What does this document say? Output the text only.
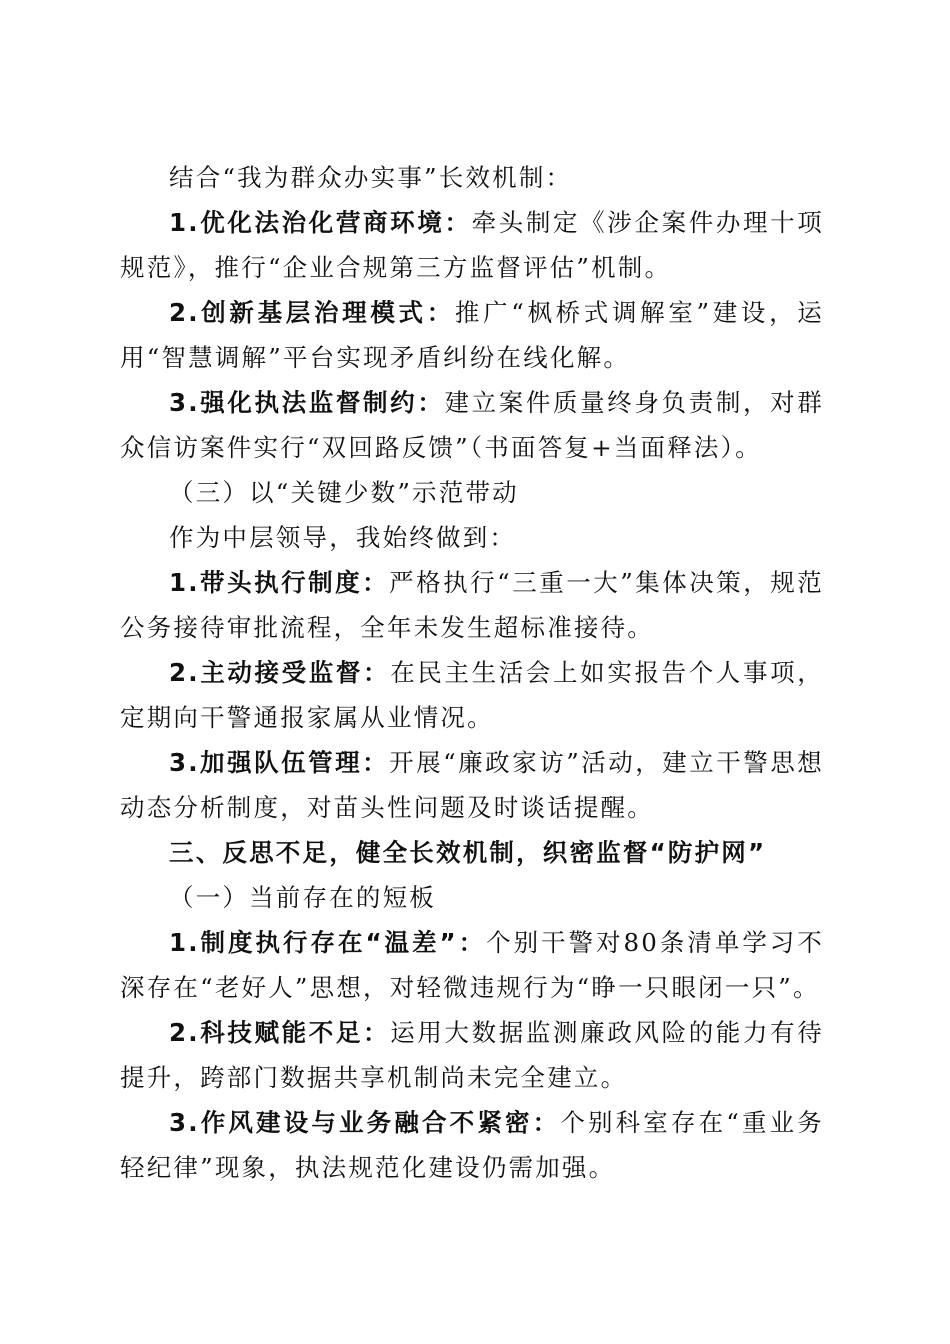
结合“我为群众办实事”长效机制：

1.优化法治化营商环境：牵头制定《涉企案件办理十项规范》，推行“企业合规第三方监督评估”机制。

2.创新基层治理模式：推广“枫桥式调解室”建设，运用“智慧调解”平台实现矛盾纠纷在线化解。

3.强化执法监督制约：建立案件质量终身负责制，对群众信访案件实行“双回路反馈”（书面答复+当面释法）。

（三）以“关键少数”示范带动

作为中层领导，我始终做到：

1.带头执行制度：严格执行“三重一大”集体决策，规范公务接待审批流程，全年未发生超标准接待。

2.主动接受监督：在民主生活会上如实报告个人事项，定期向干警通报家属从业情况。

3.加强队伍管理：开展“廉政家访”活动，建立干警思想动态分析制度，对苗头性问题及时谈话提醒。

三、反思不足，健全长效机制，织密监督“防护网”

（一）当前存在的短板

1.制度执行存在“温差”：个别干警对80条清单学习不深存在“老好人”思想，对轻微违规行为“睁一只眼闭一只”。

2.科技赋能不足：运用大数据监测廉政风险的能力有待提升，跨部门数据共享机制尚未完全建立。

3.作风建设与业务融合不紧密：个别科室存在“重业务轻纪律”现象，执法规范化建设仍需加强。
